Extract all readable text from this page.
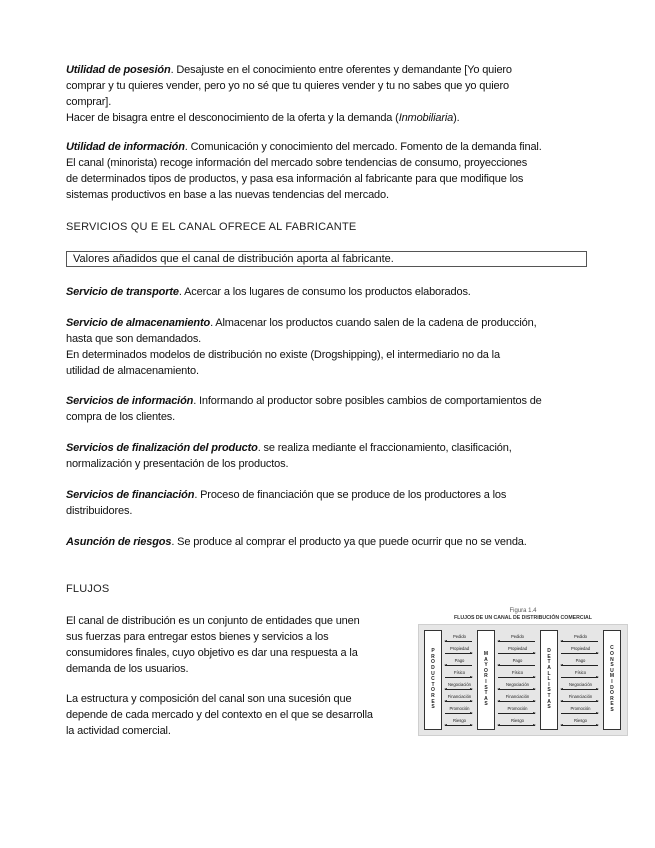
Utilidad de posesión. Desajuste en el conocimiento entre oferentes y demandante [Yo quiero
comprar y tu quieres vender, pero yo no sé que tu quieres vender y tu no sabes que yo quiero
comprar].
Hacer de bisagra entre el desconocimiento de la oferta y la demanda (Inmobiliaria).
Utilidad de información. Comunicación y conocimiento del mercado. Fomento de la demanda final.
El canal (minorista) recoge información del mercado sobre tendencias de consumo, proyecciones
de determinados tipos de productos, y pasa esa información al fabricante para que modifique los
sistemas productivos en base a las nuevas tendencias del mercado.
SERVICIOS QU E EL CANAL OFRECE AL FABRICANTE
Valores añadidos que el canal de distribución aporta al fabricante.
Servicio de transporte. Acercar a los lugares de consumo los productos elaborados.
Servicio de almacenamiento. Almacenar los productos cuando salen de la cadena de producción,
hasta que son demandados.
En determinados modelos de distribución no existe (Drogshipping), el intermediario no da la
utilidad de almacenamiento.
Servicios de información. Informando al productor sobre posibles cambios de comportamientos de
compra de los clientes.
Servicios de finalización del producto. se realiza mediante el fraccionamiento, clasificación,
normalización y presentación de los productos.
Servicios de financiación. Proceso de financiación que se produce de los productores a los
distribuidores.
Asunción de riesgos. Se produce al comprar el producto ya que puede ocurrir que no se venda.
FLUJOS
El canal de distribución es un conjunto de entidades que unen
sus fuerzas para entregar estos bienes y servicios a los
consumidores finales, cuyo objetivo es dar una respuesta a la
demanda de los usuarios.
La estructura y composición del canal son una sucesión que
depende de cada mercado y del contexto en el que se desarrolla
la actividad comercial.
Figura 1.4
FLUJOS DE UN CANAL DE DISTRIBUCIÓN COMERCIAL
P
R
O
D
U
C
T
O
R
E
S
Pedido
Propiedad
Pago
Físico
Negociación
Financiación
Promoción
Riesgo
M
A
Y
O
R
I
S
T
A
S
Pedido
Propiedad
Pago
Físico
Negociación
Financiación
Promoción
Riesgo
D
E
T
A
L
L
I
S
T
A
S
Pedido
Propiedad
Pago
Físico
Negociación
Financiación
Promoción
Riesgo
C
O
N
S
U
M
I
D
O
R
E
S
